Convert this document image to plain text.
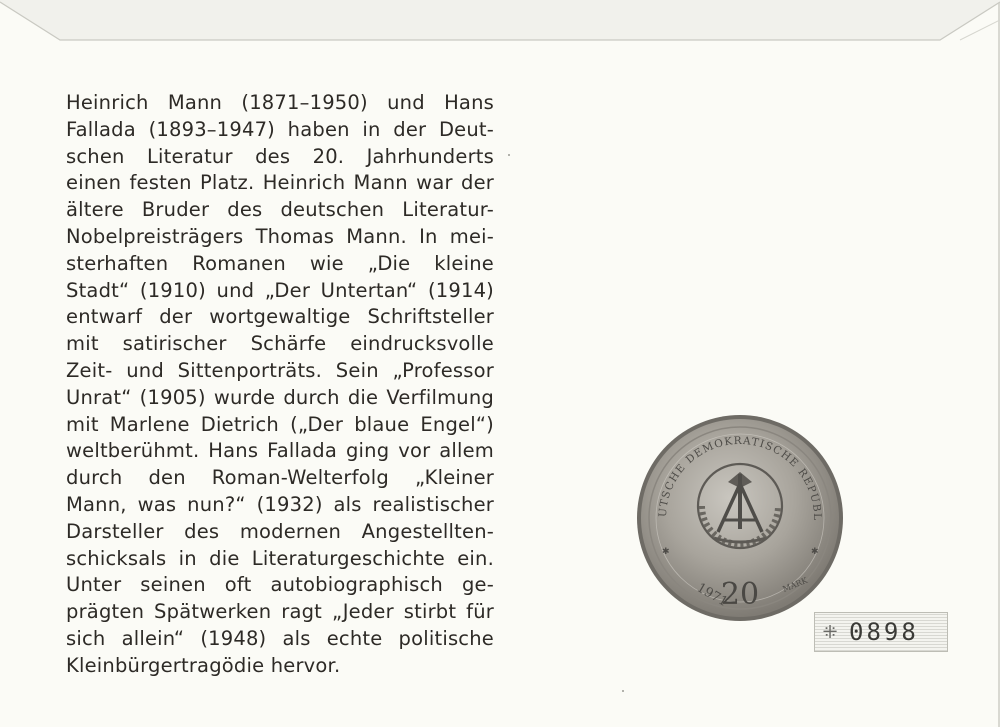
Heinrich Mann (1871–1950) und Hans
Fallada (1893–1947) haben in der Deut-
schen Literatur des 20. Jahrhunderts
einen festen Platz. Heinrich Mann war der
ältere Bruder des deutschen Literatur-
Nobelpreisträgers Thomas Mann. In mei-
sterhaften Romanen wie „Die kleine
Stadt“ (1910) und „Der Untertan“ (1914)
entwarf der wortgewaltige Schriftsteller
mit satirischer Schärfe eindrucksvolle
Zeit- und Sittenporträts. Sein „Professor
Unrat“ (1905) wurde durch die Verfilmung
mit Marlene Dietrich („Der blaue Engel“)
weltberühmt. Hans Fallada ging vor allem
durch den Roman-Welterfolg „Kleiner
Mann, was nun?“ (1932) als realistischer
Darsteller des modernen Angestellten-
schicksals in die Literaturgeschichte ein.
Unter seinen oft autobiographisch ge-
prägten Spätwerken ragt „Jeder stirbt für
sich allein“ (1948) als echte politische
Kleinbürgertragödie hervor.
UTSCHE DEMOKRATISCHE REPUBL
1971
20	MARK
✱	✱
⁜ 0898
